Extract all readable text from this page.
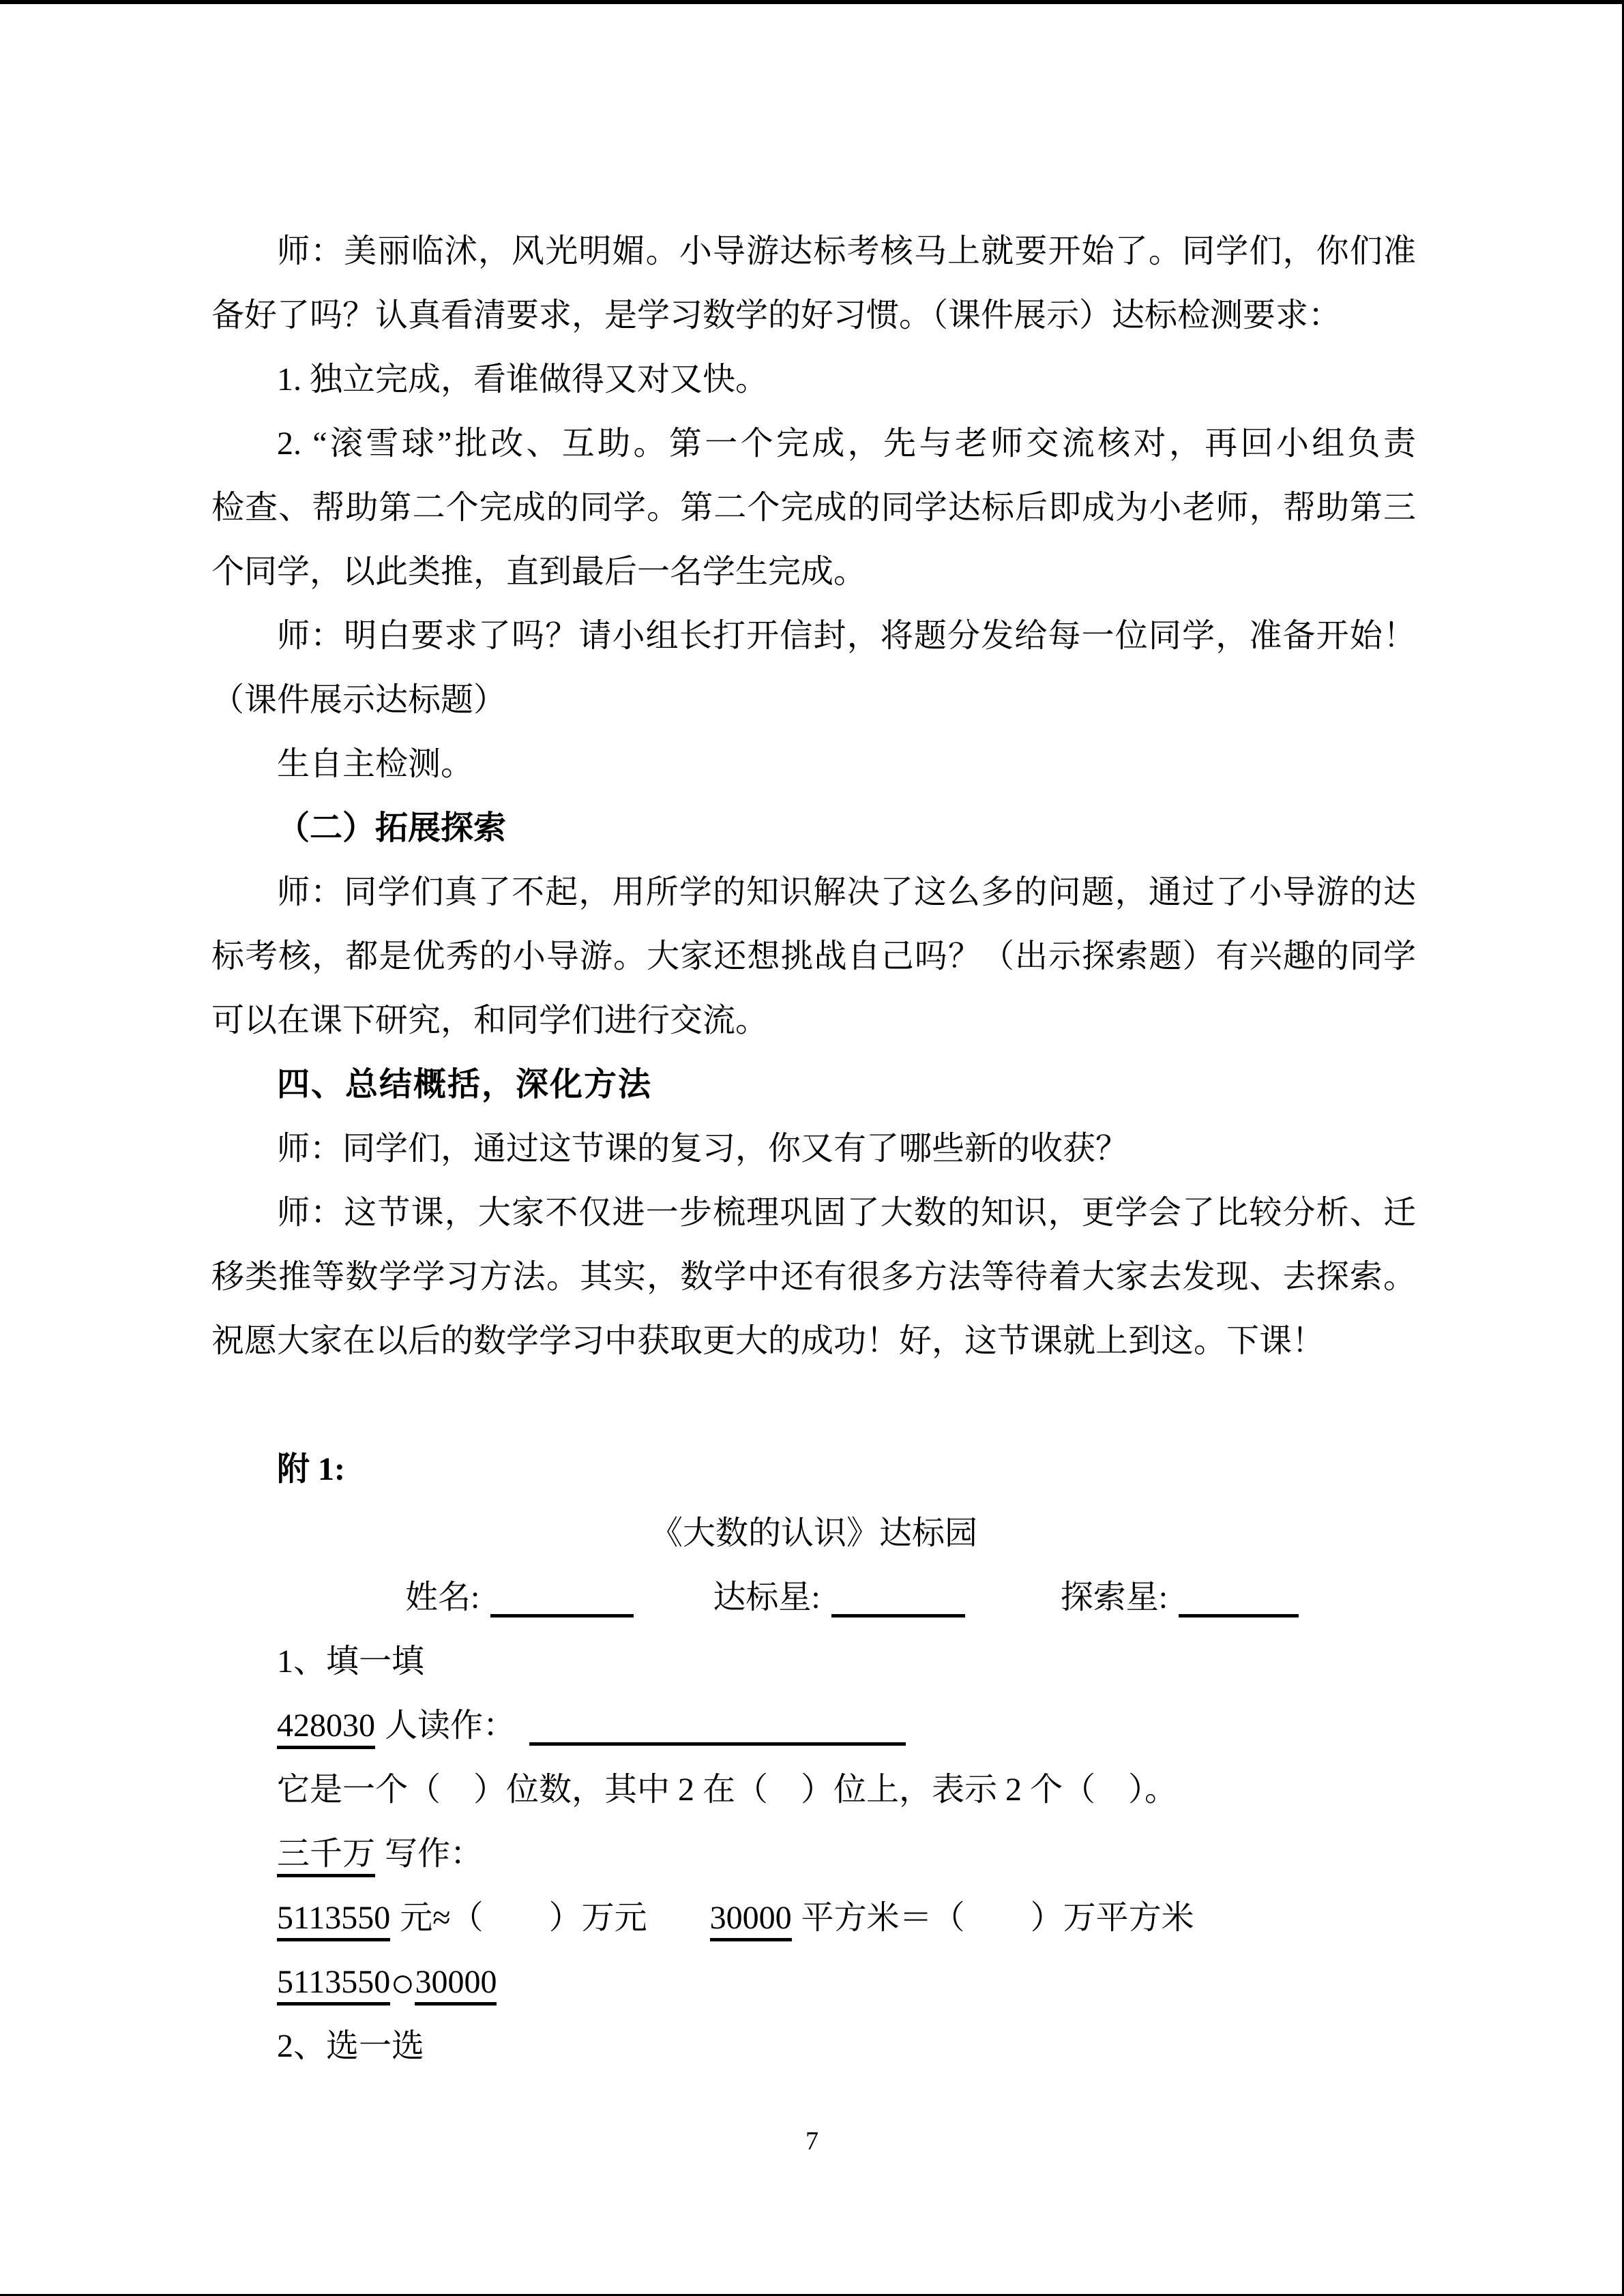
师：美丽临沭，风光明媚。小导游达标考核马上就要开始了。同学们，你们准
备好了吗？认真看清要求，是学习数学的好习惯。（课件展示）达标检测要求：
1. 独立完成，看谁做得又对又快。
2. “滚雪球”批改、互助。第一个完成，先与老师交流核对，再回小组负责
检查、帮助第二个完成的同学。第二个完成的同学达标后即成为小老师，帮助第三
个同学，以此类推，直到最后一名学生完成。
师：明白要求了吗？请小组长打开信封，将题分发给每一位同学，准备开始！
（课件展示达标题）
生自主检测。
（二）拓展探索
师：同学们真了不起，用所学的知识解决了这么多的问题，通过了小导游的达
标考核，都是优秀的小导游。大家还想挑战自己吗？（出示探索题）有兴趣的同学
可以在课下研究，和同学们进行交流。
四、总结概括，深化方法
师：同学们，通过这节课的复习，你又有了哪些新的收获？
师：这节课，大家不仅进一步梳理巩固了大数的知识，更学会了比较分析、迁
移类推等数学学习方法。其实，数学中还有很多方法等待着大家去发现、去探索。
祝愿大家在以后的数学学习中获取更大的成功！好，这节课就上到这。下课！
附 1:
《大数的认识》达标园
姓名:	达标星:	探索星:
1、填一填
428030 人读作：
它是一个（　）位数，其中 2 在（　）位上，表示 2 个（　）。
三千万 写作：
5113550 元≈（　　）万元 30000 平方米＝（　　）万平方米
5113550○30000
2、选一选
7
